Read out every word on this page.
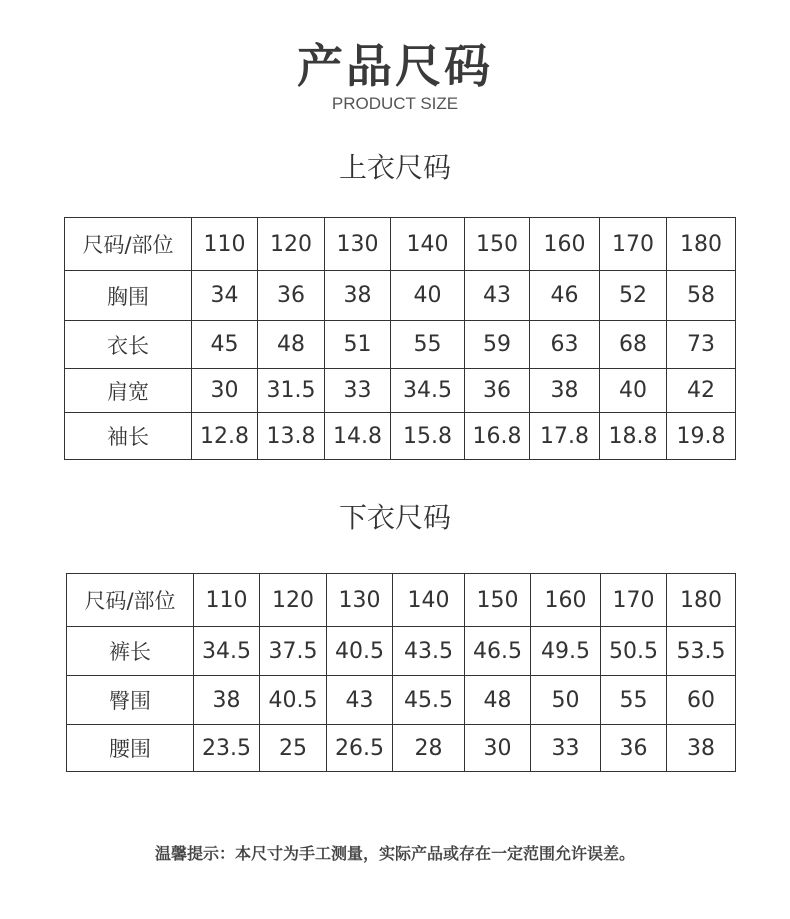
产品尺码
PRODUCT SIZE
上衣尺码
尺码/部位	110	120	130	140	150	160	170	180
胸围	34	36	38	40	43	46	52	58
衣长	45	48	51	55	59	63	68	73
肩宽	30	31.5	33	34.5	36	38	40	42
袖长	12.8	13.8	14.8	15.8	16.8	17.8	18.8	19.8
下衣尺码
尺码/部位	110	120	130	140	150	160	170	180
裤长	34.5	37.5	40.5	43.5	46.5	49.5	50.5	53.5
臀围	38	40.5	43	45.5	48	50	55	60
腰围	23.5	25	26.5	28	30	33	36	38
温馨提示：本尺寸为手工测量，实际产品或存在一定范围允许误差。
